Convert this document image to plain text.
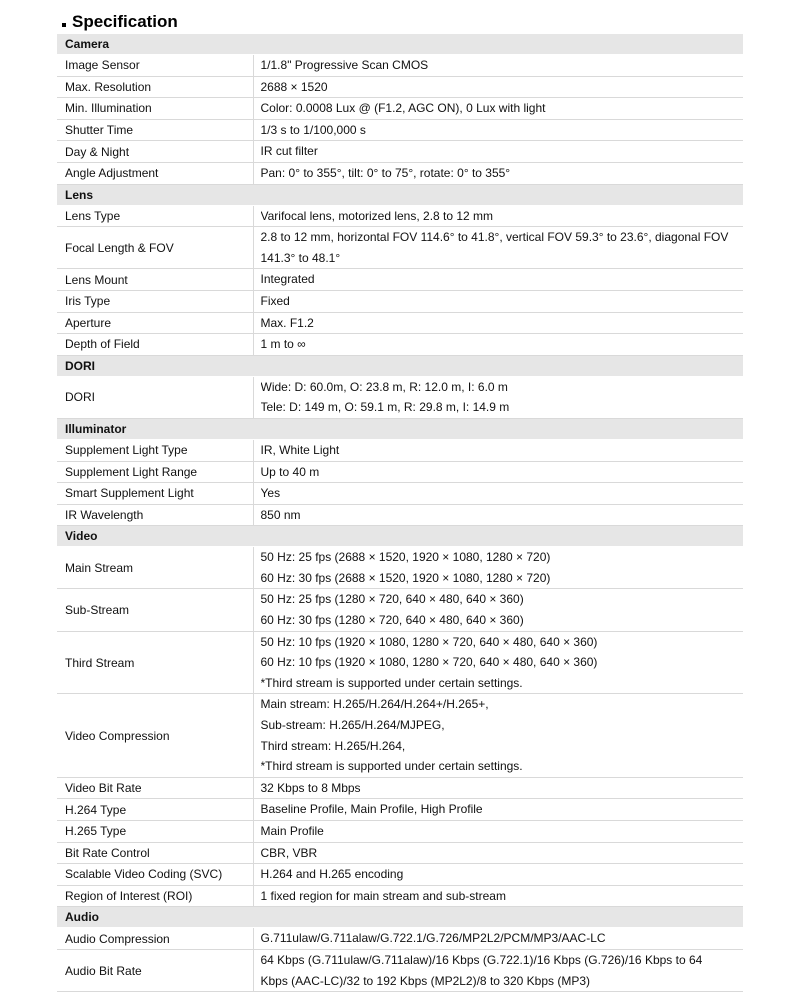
Specification
Camera	
Image Sensor	1/1.8" Progressive Scan CMOS

Max. Resolution	2688 × 1520

Min. Illumination	Color: 0.0008 Lux @ (F1.2, AGC ON), 0 Lux with light

Shutter Time	1/3 s to 1/100,000 s

Day & Night	IR cut filter

Angle Adjustment	Pan: 0° to 355°, tilt: 0° to 75°, rotate: 0° to 355°

Lens	
Lens Type	Varifocal lens, motorized lens, 2.8 to 12 mm

Focal Length & FOV	2.8 to 12 mm, horizontal FOV 114.6° to 41.8°, vertical FOV 59.3° to 23.6°, diagonal FOV
141.3° to 48.1°

Lens Mount	Integrated

Iris Type	Fixed

Aperture	Max. F1.2

Depth of Field	1 m to ∞

DORI	
DORI	Wide: D: 60.0m, O: 23.8 m, R: 12.0 m, I: 6.0 m
Tele: D: 149 m, O: 59.1 m, R: 29.8 m, I: 14.9 m

Illuminator	
Supplement Light Type	IR, White Light

Supplement Light Range	Up to 40 m

Smart Supplement Light	Yes

IR Wavelength	850 nm

Video	
Main Stream	50 Hz: 25 fps (2688 × 1520, 1920 × 1080, 1280 × 720)
60 Hz: 30 fps (2688 × 1520, 1920 × 1080, 1280 × 720)

Sub-Stream	50 Hz: 25 fps (1280 × 720, 640 × 480, 640 × 360)
60 Hz: 30 fps (1280 × 720, 640 × 480, 640 × 360)

Third Stream	50 Hz: 10 fps (1920 × 1080, 1280 × 720, 640 × 480, 640 × 360)
60 Hz: 10 fps (1920 × 1080, 1280 × 720, 640 × 480, 640 × 360)
*Third stream is supported under certain settings.

Video Compression	Main stream: H.265/H.264/H.264+/H.265+,
Sub-stream: H.265/H.264/MJPEG,
Third stream: H.265/H.264,
*Third stream is supported under certain settings.

Video Bit Rate	32 Kbps to 8 Mbps

H.264 Type	Baseline Profile, Main Profile, High Profile

H.265 Type	Main Profile

Bit Rate Control	CBR, VBR

Scalable Video Coding (SVC)	H.264 and H.265 encoding

Region of Interest (ROI)	1 fixed region for main stream and sub-stream

Audio	
Audio Compression	G.711ulaw/G.711alaw/G.722.1/G.726/MP2L2/PCM/MP3/AAC-LC

Audio Bit Rate	64 Kbps (G.711ulaw/G.711alaw)/16 Kbps (G.722.1)/16 Kbps (G.726)/16 Kbps to 64
Kbps (AAC-LC)/32 to 192 Kbps (MP2L2)/8 to 320 Kbps (MP3)
